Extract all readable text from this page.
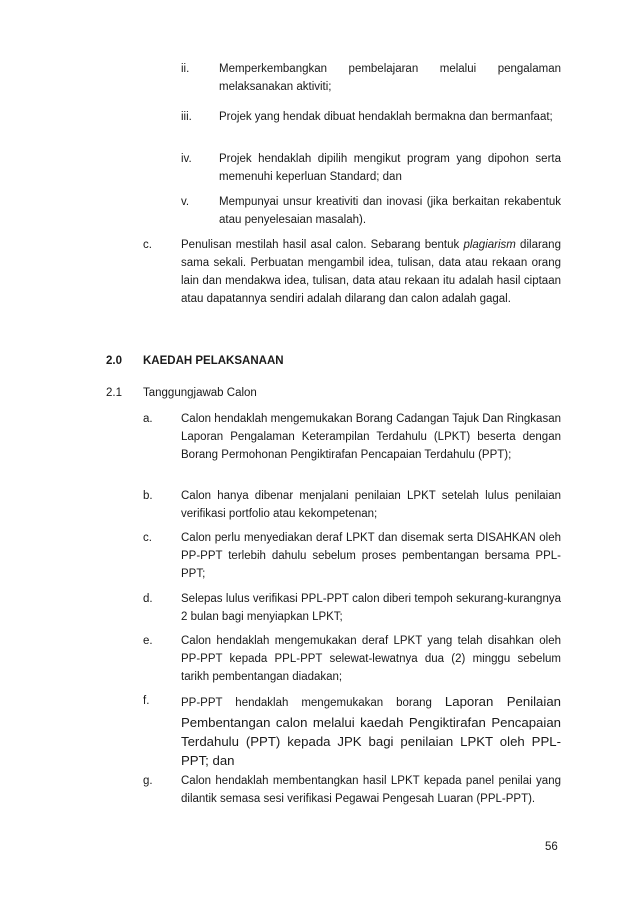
ii.	Memperkembangkan pembelajaran melalui pengalaman melaksanakan aktiviti;
iii. Projek yang hendak dibuat hendaklah bermakna dan bermanfaat;
iv. Projek hendaklah dipilih mengikut program yang dipohon serta memenuhi keperluan Standard; dan
v.	Mempunyai unsur kreativiti dan inovasi (jika berkaitan rekabentuk atau penyelesaian masalah).
c.	Penulisan mestilah hasil asal calon. Sebarang bentuk plagiarism dilarang sama sekali. Perbuatan mengambil idea, tulisan, data atau rekaan orang lain dan mendakwa idea, tulisan, data atau rekaan itu adalah hasil ciptaan atau dapatannya sendiri adalah dilarang dan calon adalah gagal.
2.0 KAEDAH PELAKSANAAN
2.1 Tanggungjawab Calon
a. Calon hendaklah mengemukakan Borang Cadangan Tajuk Dan Ringkasan Laporan Pengalaman Keterampilan Terdahulu (LPKT) beserta dengan Borang Permohonan Pengiktirafan Pencapaian Terdahulu (PPT);
b. Calon hanya dibenar menjalani penilaian LPKT setelah lulus penilaian verifikasi portfolio atau kekompetenan;
c.	Calon perlu menyediakan deraf LPKT dan disemak serta DISAHKAN oleh PP-PPT terlebih dahulu sebelum proses pembentangan bersama PPL-PPT;
d. Selepas lulus verifikasi PPL-PPT calon diberi tempoh sekurang-kurangnya 2 bulan bagi menyiapkan LPKT;
e. Calon hendaklah mengemukakan deraf LPKT yang telah disahkan oleh PP-PPT kepada PPL-PPT selewat-lewatnya dua (2) minggu sebelum tarikh pembentangan diadakan;
f.	PP-PPT hendaklah mengemukakan borang Laporan Penilaian Pembentangan calon melalui kaedah Pengiktirafan Pencapaian Terdahulu (PPT) kepada JPK bagi penilaian LPKT oleh PPL-PPT; dan
g. Calon hendaklah membentangkan hasil LPKT kepada panel penilai yang dilantik semasa sesi verifikasi Pegawai Pengesah Luaran (PPL-PPT).
56
